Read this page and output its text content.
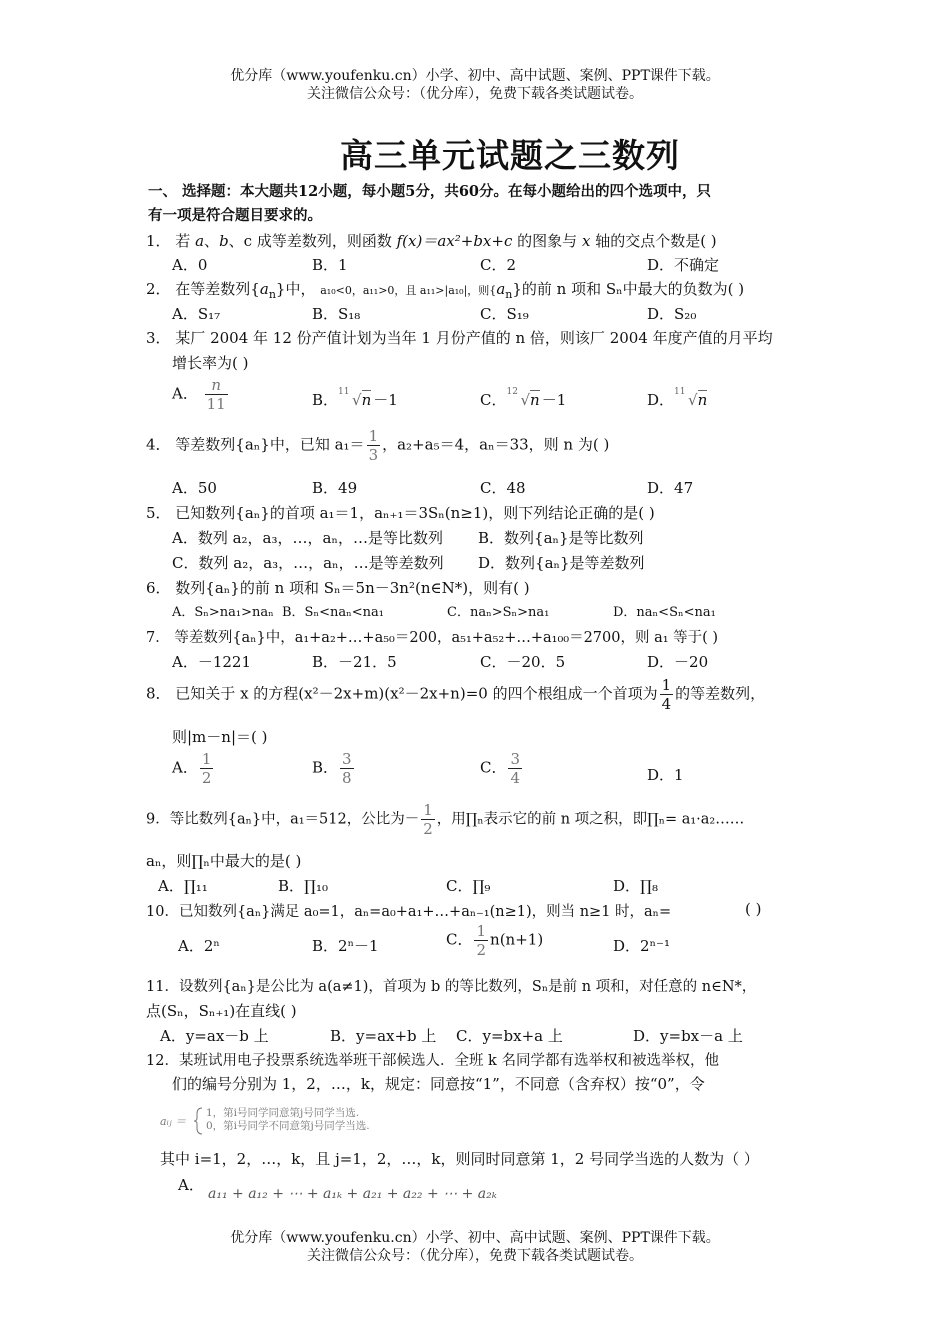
优分库（www.youfenku.cn）小学、初中、高中试题、案例、PPT课件下载。
关注微信公众号：（优分库），免费下载各类试题试卷。
高三单元试题之三数列
一、 选择题：本大题共12小题，每小题5分，共60分。在每小题给出的四个选项中，只
有一项是符合题目要求的。
1． 若 a、b、c 成等差数列，则函数 f(x)＝ax²+bx+c 的图象与 x 轴的交点个数是( )
A．0	B．1	C．2	D．不确定
2． 在等差数列$\{a_n\}$中， a₁₀<0，a₁₁>0，且 a₁₁>|a₁₀|，则$\{a_n\}$的前 n 项和 Sₙ中最大的负数为( )
A．S₁₇	B．S₁₈	C．S₁₉	D．S₂₀
3． 某厂 2004 年 12 份产值计划为当年 1 月份产值的 n 倍，则该厂 2004 年度产值的月平均
增长率为( )
A． $\frac{n}{11}$	B． 11 √n －1	C． 12 √n －1	D． 11 √n
4． 等差数列{aₙ}中，已知 $a_1= \frac{1}{3}$ ，a₂+a₅＝4，aₙ＝33，则 n 为( )
A．50	B．49	C．48	D．47
5． 已知数列{aₙ}的首项 a₁＝1，aₙ₊₁＝3Sₙ(n≥1)，则下列结论正确的是( )
A．数列 a₂，a₃，…，aₙ，…是等比数列 B．数列{aₙ}是等比数列
C．数列 a₂，a₃，…，aₙ，…是等差数列 D．数列{aₙ}是等差数列
6． 数列{aₙ}的前 n 项和 Sₙ＝5n－3n²(n∈N*)，则有( )
A．Sₙ>na₁>naₙ B．Sₙ<naₙ<na₁	C．naₙ>Sₙ>na₁	D．naₙ<Sₙ<na₁
7． 等差数列{aₙ}中，a₁+a₂+…+a₅₀＝200，a₅₁+a₅₂+…+a₁₀₀＝2700，则 a₁ 等于( )
A．－1221	B．－21．5	C．－20．5	D．－20
8． 已知关于 x 的方程(x²－2x+m)(x²－2x+n)=0 的四个根组成一个首项为 $\frac{1}{4}$ 的等差数列，
则|m－n|＝( )
A． $\frac{1}{2}$	B． $\frac{3}{8}$	C． $\frac{3}{4}$	D．1
9．等比数列{aₙ}中，a₁＝512，公比为－ $\frac{1}{2}$ ，用∏ₙ表示它的前 n 项之积，即∏ₙ= a₁·a₂……
aₙ，则∏ₙ中最大的是( )
A．∏₁₁	B．∏₁₀	C．∏₉	D．∏₈
10．已知数列{aₙ}满足 a₀=1，aₙ=a₀+a₁+…+aₙ₋₁(n≥1)，则当 n≥1 时，aₙ=	( )
A．2ⁿ	B．2ⁿ－1	C． $\frac{1}{2} n(n+1)$	D．2ⁿ⁻¹
11．设数列{aₙ}是公比为 a(a≠1)，首项为 b 的等比数列，Sₙ是前 n 项和，对任意的 n∈N*，
点(Sₙ，Sₙ₊₁)在直线( )
A．y=ax－b 上	B．y=ax+b 上 C．y=bx+a 上	D．y=bx－a 上
12．某班试用电子投票系统选举班干部候选人．全班 k 名同学都有选举权和被选举权，他
们的编号分别为 1，2，…，k，规定：同意按“1”，不同意（含弃权）按“0”，令
aᵢⱼ ＝
1，第i号同学同意第j号同学当选.
0，第i号同学不同意第j号同学当选.
其中 i=1，2，…，k，且 j=1，2，…，k，则同时同意第 1，2 号同学当选的人数为（ ）
A． a₁₁ + a₁₂ + ⋯ + a₁ₖ + a₂₁ + a₂₂ + ⋯ + a₂ₖ
优分库（www.youfenku.cn）小学、初中、高中试题、案例、PPT课件下载。
关注微信公众号：（优分库），免费下载各类试题试卷。
